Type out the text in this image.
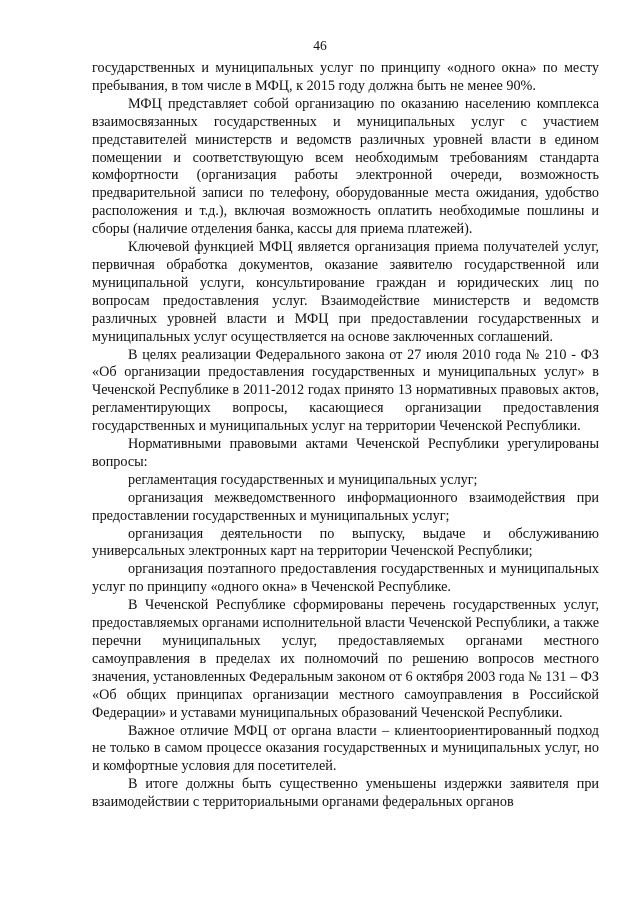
46

государственных и муниципальных услуг по принципу «одного окна» по месту пребывания, в том числе в МФЦ, к 2015 году должна быть не менее 90%.

МФЦ представляет собой организацию по оказанию населению комплекса взаимосвязанных государственных и муниципальных услуг с участием представителей министерств и ведомств различных уровней власти в едином помещении и соответствующую всем необходимым требованиям стандарта комфортности (организация работы электронной очереди, возможность предварительной записи по телефону, оборудованные места ожидания, удобство расположения и т.д.), включая возможность оплатить необходимые пошлины и сборы (наличие отделения банка, кассы для приема платежей).

Ключевой функцией МФЦ является организация приема получателей услуг, первичная обработка документов, оказание заявителю государственной или муниципальной услуги, консультирование граждан и юридических лиц по вопросам предоставления услуг. Взаимодействие министерств и ведомств различных уровней власти и МФЦ при предоставлении государственных и муниципальных услуг осуществляется на основе заключенных соглашений.

В целях реализации Федерального закона от 27 июля 2010 года № 210 - ФЗ «Об организации предоставления государственных и муниципальных услуг» в Чеченской Республике в 2011-2012 годах принято 13 нормативных правовых актов, регламентирующих вопросы, касающиеся организации предоставления государственных и муниципальных услуг на территории Чеченской Республики.

Нормативными правовыми актами Чеченской Республики урегулированы вопросы:

регламентация государственных и муниципальных услуг;

организация межведомственного информационного взаимодействия при предоставлении государственных и муниципальных услуг;

организация деятельности по выпуску, выдаче и обслуживанию универсальных электронных карт на территории Чеченской Республики;

организация поэтапного предоставления государственных и муниципальных услуг по принципу «одного окна» в Чеченской Республике.

В Чеченской Республике сформированы перечень государственных услуг, предоставляемых органами исполнительной власти Чеченской Республики, а также перечни муниципальных услуг, предоставляемых органами местного самоуправления в пределах их полномочий по решению вопросов местного значения, установленных Федеральным законом от 6 октября 2003 года № 131 – ФЗ «Об общих принципах организации местного самоуправления в Российской Федерации» и уставами муниципальных образований Чеченской Республики.

Важное отличие МФЦ от органа власти – клиентоориентированный подход не только в самом процессе оказания государственных и муниципальных услуг, но и комфортные условия для посетителей.

В итоге должны быть существенно уменьшены издержки заявителя при взаимодействии с территориальными органами федеральных органов
